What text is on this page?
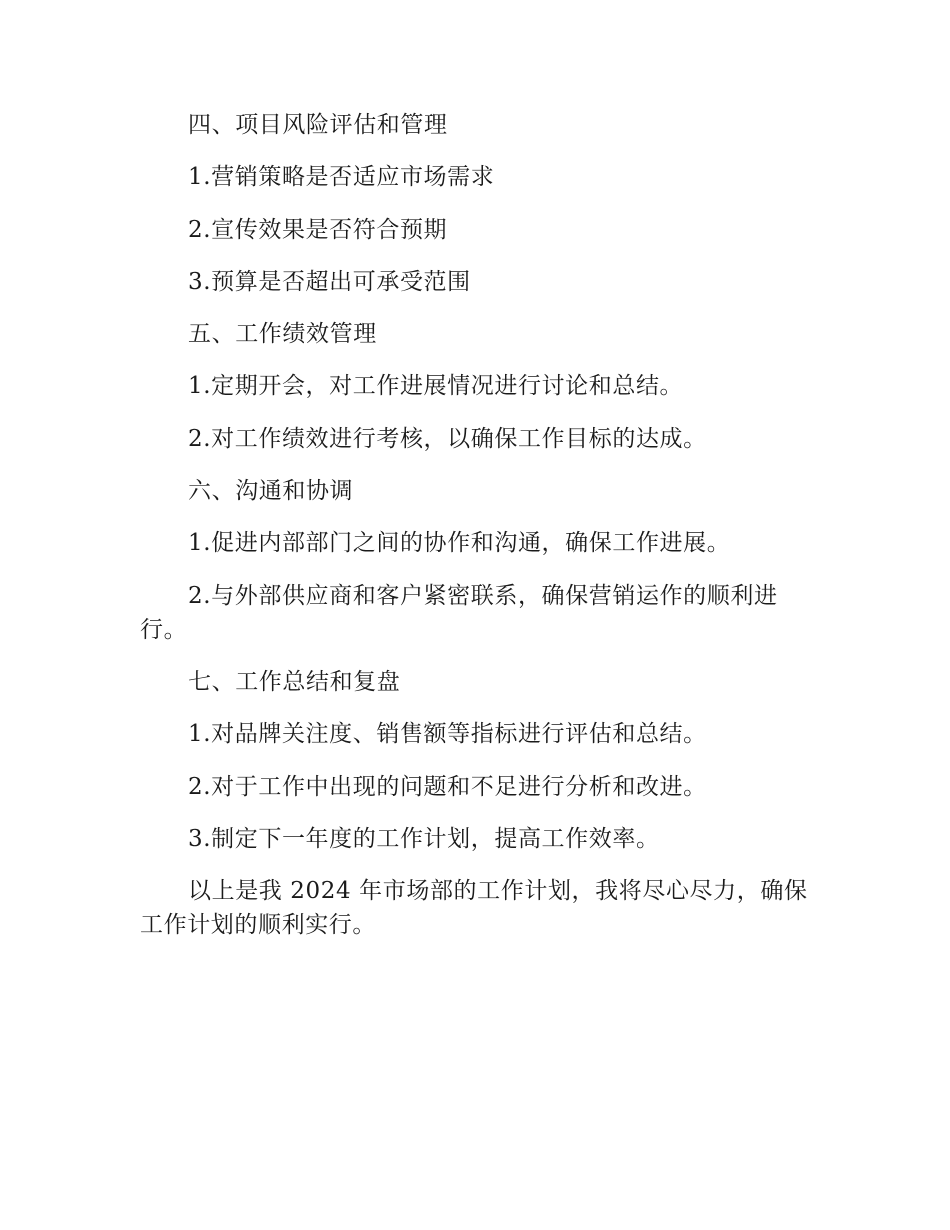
四、项目风险评估和管理

1.营销策略是否适应市场需求

2.宣传效果是否符合预期

3.预算是否超出可承受范围

五、工作绩效管理

1.定期开会，对工作进展情况进行讨论和总结。

2.对工作绩效进行考核，以确保工作目标的达成。

六、沟通和协调

1.促进内部部门之间的协作和沟通，确保工作进展。

2.与外部供应商和客户紧密联系，确保营销运作的顺利进行。

七、工作总结和复盘

1.对品牌关注度、销售额等指标进行评估和总结。

2.对于工作中出现的问题和不足进行分析和改进。

3.制定下一年度的工作计划，提高工作效率。

以上是我 2024 年市场部的工作计划，我将尽心尽力，确保工作计划的顺利实行。
